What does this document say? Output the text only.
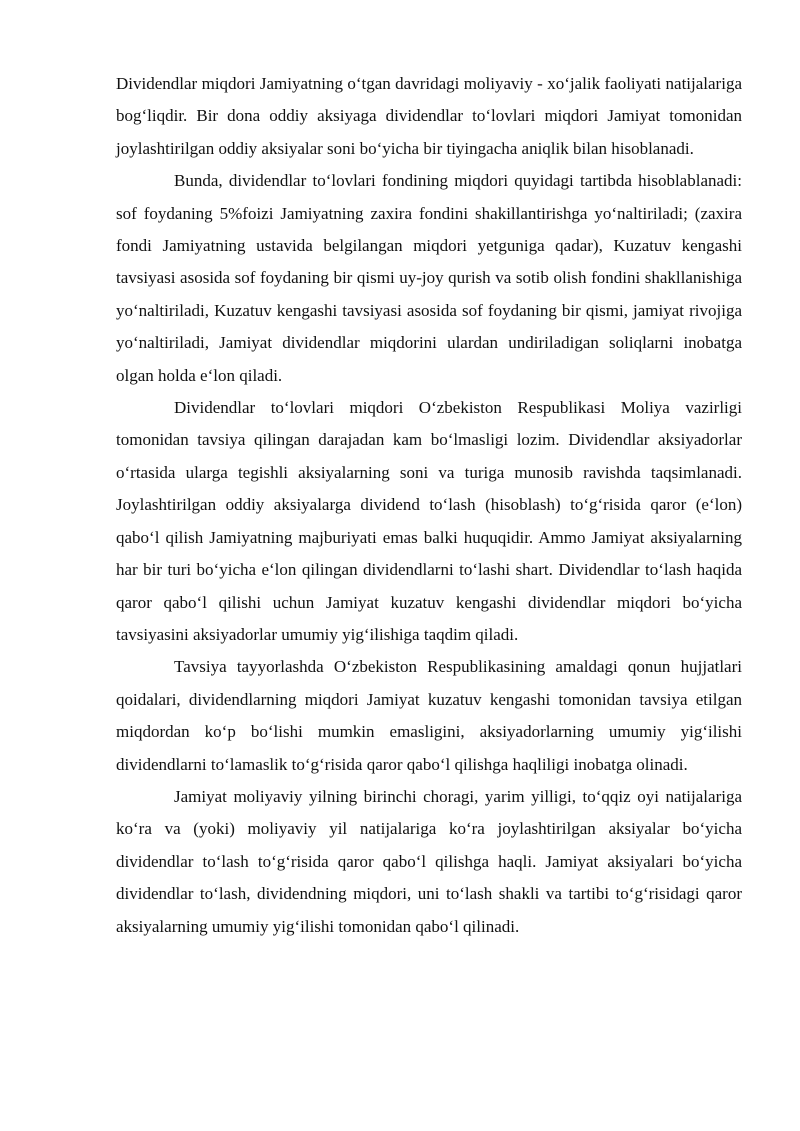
Dividendlar miqdori Jamiyatning o‘tgan davridagi moliyaviy - xo‘jalik faoliyati natijalariga bog‘liqdir. Bir dona oddiy aksiyaga dividendlar to‘lovlari miqdori Jamiyat tomonidan joylashtirilgan oddiy aksiyalar soni bo‘yicha bir tiyingacha aniqlik bilan hisoblanadi.

Bunda, dividendlar to‘lovlari fondining miqdori quyidagi tartibda hisoblablanadi: sof foydaning 5%foizi Jamiyatning zaxira fondini shakillantirishga yo‘naltiriladi; (zaxira fondi Jamiyatning ustavida belgilangan miqdori yetguniga qadar), Kuzatuv kengashi tavsiyasi asosida sof foydaning bir qismi uy-joy qurish va sotib olish fondini shakllanishiga yo‘naltiriladi, Kuzatuv kengashi tavsiyasi asosida sof foydaning bir qismi, jamiyat rivojiga yo‘naltiriladi, Jamiyat dividendlar miqdorini ulardan undiriladigan soliqlarni inobatga olgan holda e‘lon qiladi.

Dividendlar to‘lovlari miqdori O‘zbekiston Respublikasi Moliya vazirligi tomonidan tavsiya qilingan darajadan kam bo‘lmasligi lozim. Dividendlar aksiyadorlar o‘rtasida ularga tegishli aksiyalarning soni va turiga munosib ravishda taqsimlanadi. Joylashtirilgan oddiy aksiyalarga dividend to‘lash (hisoblash) to‘g‘risida qaror (e‘lon) qabo‘l qilish Jamiyatning majburiyati emas balki huquqidir. Ammo Jamiyat aksiyalarning har bir turi bo‘yicha e‘lon qilingan dividendlarni to‘lashi shart. Dividendlar to‘lash haqida qaror qabo‘l qilishi uchun Jamiyat kuzatuv kengashi dividendlar miqdori bo‘yicha tavsiyasini aksiyadorlar umumiy yig‘ilishiga taqdim qiladi.

Tavsiya tayyorlashda O‘zbekiston Respublikasining amaldagi qonun hujjatlari qoidalari, dividendlarning miqdori Jamiyat kuzatuv kengashi tomonidan tavsiya etilgan miqdordan ko‘p bo‘lishi mumkin emasligini, aksiyadorlarning umumiy yig‘ilishi dividendlarni to‘lamaslik to‘g‘risida qaror qabo‘l qilishga haqliligi inobatga olinadi.

Jamiyat moliyaviy yilning birinchi choragi, yarim yilligi, to‘qqiz oyi natijalariga ko‘ra va (yoki) moliyaviy yil natijalariga ko‘ra joylashtirilgan aksiyalar bo‘yicha dividendlar to‘lash to‘g‘risida qaror qabo‘l qilishga haqli. Jamiyat aksiyalari bo‘yicha dividendlar to‘lash, dividendning miqdori, uni to‘lash shakli va tartibi to‘g‘risidagi qaror aksiyalarning umumiy yig‘ilishi tomonidan qabo‘l qilinadi.
